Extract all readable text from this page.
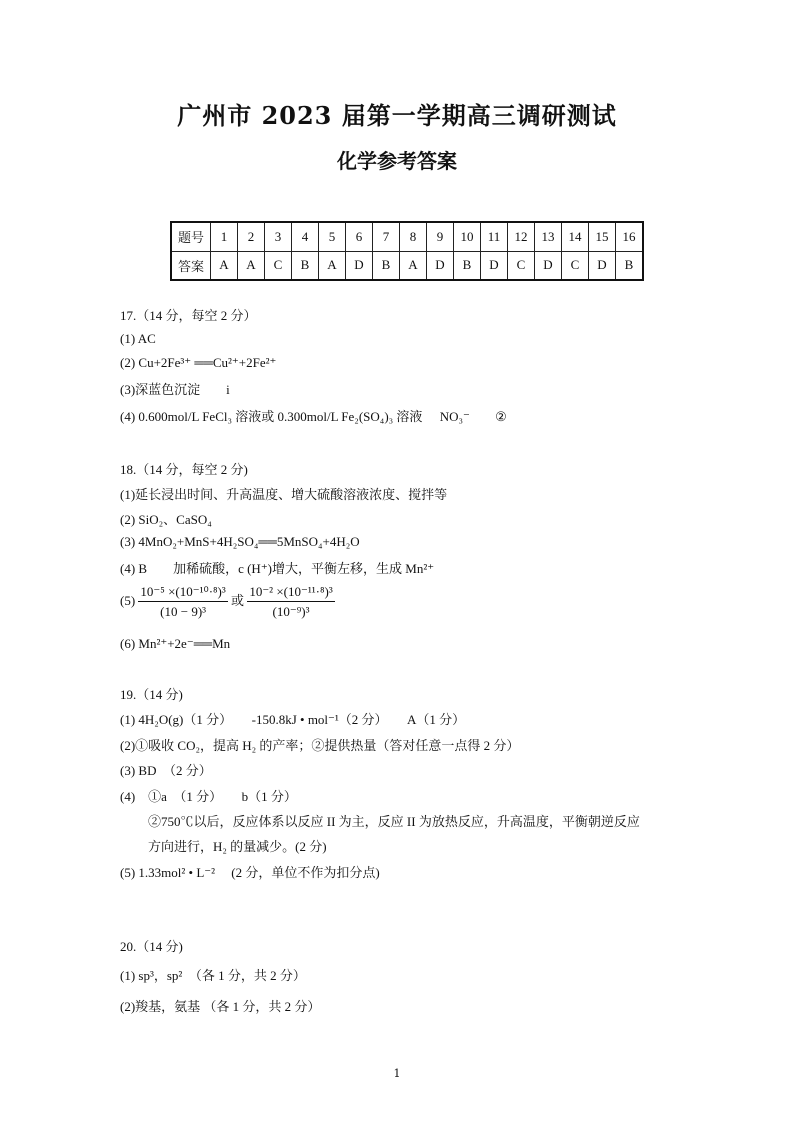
广州市 2023 届第一学期高三调研测试
化学参考答案
题号	1	2	3	4	5	6	7	8	9	10	11	12	13	14	15	16
答案	A	A	C	B	A	D	B	A	D	B	D	C	D	C	D	B
17.（14 分，每空 2 分）
(1) AC
(2) Cu+2Fe³⁺ ══Cu²⁺+2Fe²⁺
(3)深蓝色沉淀　　i
(4) 0.600mol/L FeCl₃ 溶液或 0.300mol/L Fe₂(SO₄)₃ 溶液 NO₃⁻ ②
18.（14 分，每空 2 分)
(1)延长浸出时间、升高温度、增大硫酸溶液浓度、搅拌等
(2) SiO₂、CaSO₄
(3) 4MnO₂+MnS+4H₂SO₄══5MnSO₄+4H₂O
(4) B　　加稀硫酸，c (H⁺)增大，平衡左移，生成 Mn²⁺
$(5) \frac{\text{10⁻⁵ ×(10⁻¹⁰·⁸)³}}{\text{(10 − 9)³}}$ 或 $\frac{\text{10⁻² ×(10⁻¹¹·⁸)³}}{\text{(10⁻⁹)³}}$
(6) Mn²⁺+2e⁻══Mn
19.（14 分)
(1) 4H₂O(g)（1 分）　　-150.8kJ • mol⁻¹（2 分）　　A（1 分）
(2)①吸收 CO₂，提高 H₂ 的产率；②提供热量（答对任意一点得 2 分）
(3) BD　（2 分）
(4)　①a　（1 分）　　b（1 分）
②750℃以后，反应体系以反应 II 为主，反应 II 为放热反应，升高温度，平衡朝逆反应
方向进行，H₂ 的量减少。(2 分)
(5) 1.33mol² • L⁻²　 (2 分，单位不作为扣分点)
20.（14 分)
(1) sp³，sp²　（各 1 分，共 2 分）
(2)羧基，氨基 （各 1 分，共 2 分）
1
